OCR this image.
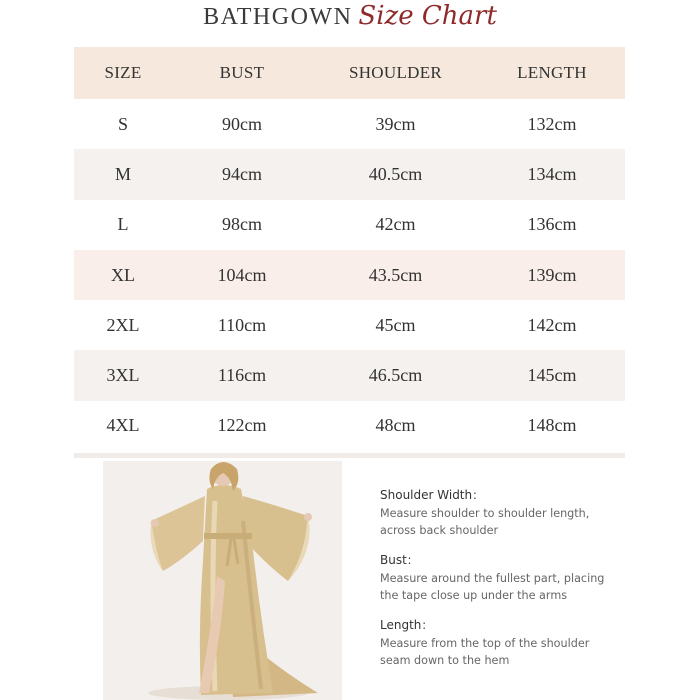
BATHGOWN Size Chart
SIZE	BUST	SHOULDER	LENGTH
S	90cm	39cm	132cm
M	94cm	40.5cm	134cm
L	98cm	42cm	136cm
XL	104cm	43.5cm	139cm
2XL	110cm	45cm	142cm
3XL	116cm	46.5cm	145cm
4XL	122cm	48cm	148cm
Shoulder Width：
Measure shoulder to shoulder length, across back shoulder
Bust：
Measure around the fullest part, placing the tape close up under the arms
Length：
Measure from the top of the shoulder seam down to the hem
